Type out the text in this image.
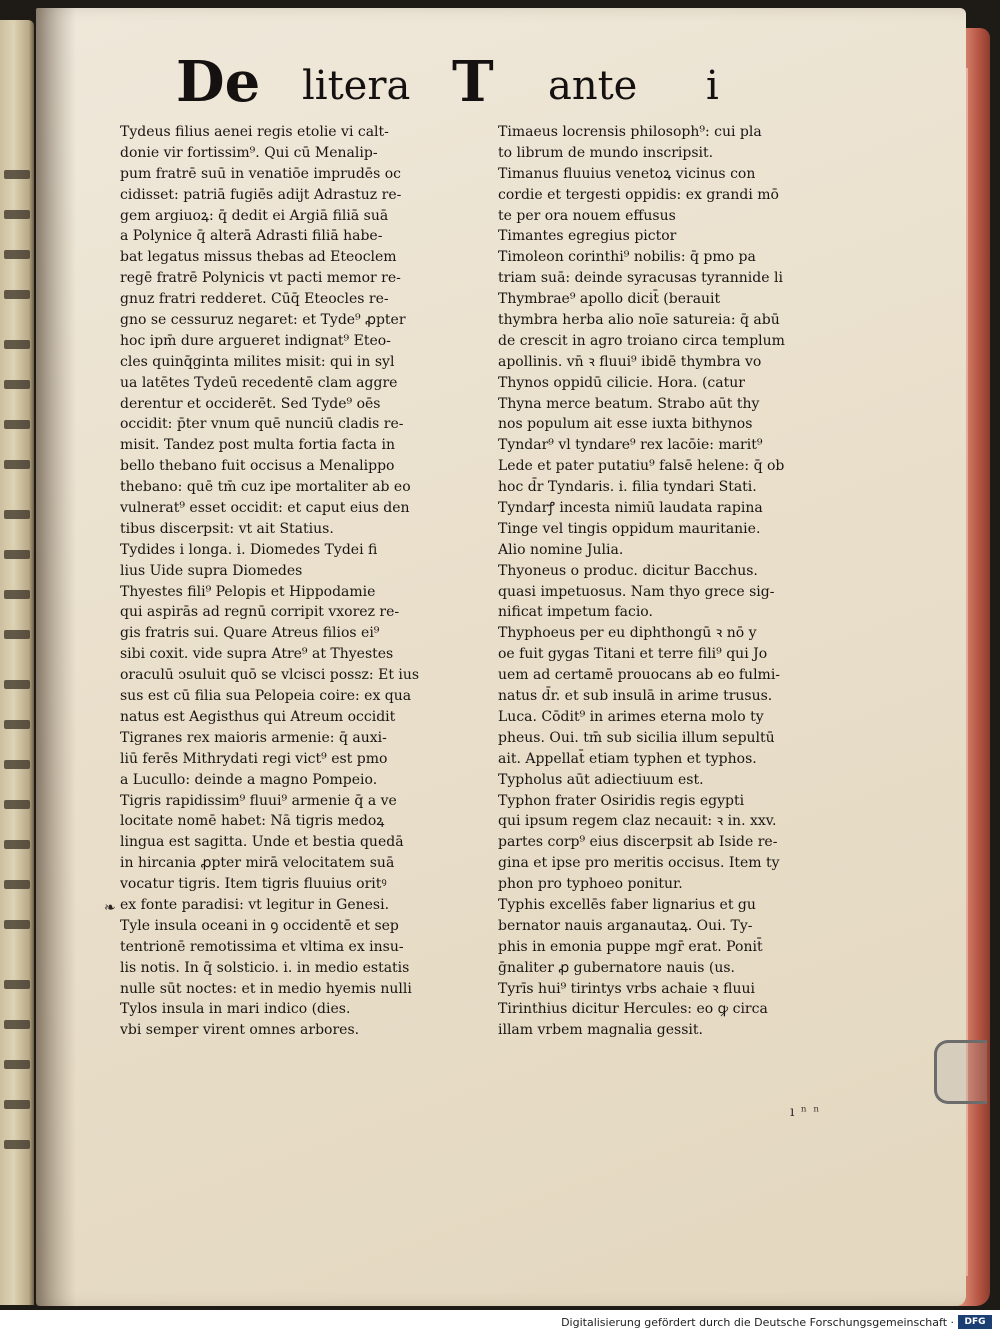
De litera T ante i
Tydeus filius aenei regis etolie vi calt-
donie vir fortissim⁹. Qui cū Menalip-
pum fratrē suū in venatiōe imprudēs oc
cidisset: patriā fugiēs adijt Adrastuz re-
gem argiuoꝝ: q̄ dedit ei Argiā filiā suā
a Polynice q̄ alterā Adrasti filiā habe-
bat legatus missus thebas ad Eteoclem
regē fratrē Polynicis vt pacti memor re-
gnuz fratri redderet. Cūq̄ Eteocles re-
gno se cessuruz negaret: et Tyde⁹ ꝓpter
hoc ipm̄ dure argueret indignat⁹ Eteo-
cles quinq̄ginta milites misit: qui in syl
ua latētes Tydeū recedentē clam aggre
derentur et occiderēt. Sed Tyde⁹ oēs
occidit: p̄ter vnum quē nunciū cladis re-
misit. Tandez post multa fortia facta in
bello thebano fuit occisus a Menalippo
thebano: quē tm̄ cuz ipe mortaliter ab eo
vulnerat⁹ esset occidit: et caput eius den
tibus discerpsit: vt ait Statius.
Tydides i longa. i. Diomedes Tydei fi
lius Uide supra Diomedes
Thyestes fili⁹ Pelopis et Hippodamie
qui aspirās ad regnū corripit vxorez re-
gis fratris sui. Quare Atreus filios ei⁹
sibi coxit. vide supra Atre⁹ at Thyestes
oraculū ↄsuluit quō se vlcisci possz: Et ius
sus est cū filia sua Pelopeia coire: ex qua
natus est Aegisthus qui Atreum occidit
Tigranes rex maioris armenie: q̄ auxi-
liū ferēs Mithrydati regi vict⁹ est pmo
a Lucullo: deinde a magno Pompeio.
Tigris rapidissim⁹ fluui⁹ armenie q̄ a ve
locitate nomē habet: Nā tigris medoꝝ
lingua est sagitta. Unde et bestia quedā
in hircania ꝓpter mirā velocitatem suā
vocatur tigris. Item tigris fluuius oritꝰ
ex fonte paradisi: vt legitur in Genesi.
Tyle insula oceani in ꝯ occidentē et sep
tentrionē remotissima et vltima ex insu-
lis notis. In q̄ solsticio. i. in medio estatis
nulle sūt noctes: et in medio hyemis nulli
Tylos insula in mari indico (dies.
vbi semper virent omnes arbores.
Timaeus locrensis philosoph⁹: cui pla
to librum de mundo inscripsit.
Timanus fluuius venetoꝝ vicinus con
cordie et tergesti oppidis: ex grandi mō
te per ora nouem effusus
Timantes egregius pictor
Timoleon corinthi⁹ nobilis: q̄ pmo pa
triam suā: deinde syracusas tyrannide li
Thymbrae⁹ apollo dicit̄ (berauit
thymbra herba alio noīe satureia: q̄ abū
de crescit in agro troiano circa templum
apollinis. vn̄ ꝛ fluui⁹ ibidē thymbra vo
Thynos oppidū cilicie. Hora. (catur
Thyna merce beatum. Strabo aūt thy
nos populum ait esse iuxta bithynos
Tyndar⁹ vl tyndare⁹ rex lacōie: marit⁹
Lede et pater putatiu⁹ falsē helene: q̄ ob
hoc d̄r Tyndaris. i. filia tyndari Stati.
Tyndarꝭ incesta nimiū laudata rapina
Tinge vel tingis oppidum mauritanie.
Alio nomine Julia.
Thyoneus o produc. dicitur Bacchus.
quasi impetuosus. Nam thyo grece sig-
nificat impetum facio.
Thyphoeus per eu diphthongū ꝛ nō y
oe fuit gygas Titani et terre fili⁹ qui Jo
uem ad certamē prouocans ab eo fulmi-
natus d̄r. et sub insulā in arime trusus.
Luca. Cōdit⁹ in arimes eterna molo ty
pheus. Oui. tm̄ sub sicilia illum sepultū
ait. Appellat̄ etiam typhen et typhos.
Typholus aūt adiectiuum est.
Typhon frater Osiridis regis egypti
qui ipsum regem claz necauit: ꝛ in. xxv.
partes corp⁹ eius discerpsit ab Iside re-
gina et ipse pro meritis occisus. Item ty
phon pro typhoeo ponitur.
Typhis excellēs faber lignarius et gu
bernator nauis arganautaꝝ. Oui. Ty-
phis in emonia puppe mgr̄ erat. Ponit̄
ḡnaliter ꝓ gubernatore nauis (us.
Tyrīs hui⁹ tirintys vrbs achaie ꝛ fluui
Tirinthius dicitur Hercules: eo ꝙ circa
illam vrbem magnalia gessit.
❧
ı ⁿ ⁿ
Digitalisierung gefördert durch die Deutsche Forschungsgemeinschaft ·	DFG
